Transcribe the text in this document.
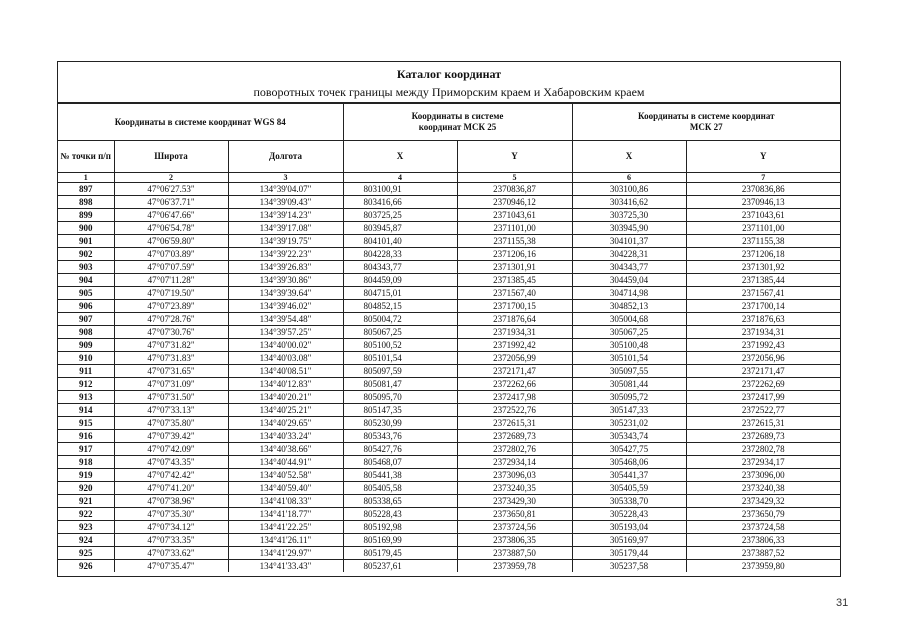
Каталог координат
поворотных точек границы между Приморским краем и Хабаровским краем
Координаты в системе координат WGS 84			Координаты в системе координат МСК 25		Координаты в системе координат МСК 27	
№ точки п/п	Широта	Долгота	X	Y	X	Y
1	2	3	4	5	6	7
897	47°06'27.53"	134°39'04.07"	803100,91	2370836,87	303100,86	2370836,86
898	47°06'37.71"	134°39'09.43"	803416,66	2370946,12	303416,62	2370946,13
899	47°06'47.66"	134°39'14.23"	803725,25	2371043,61	303725,30	2371043,61
900	47°06'54.78"	134°39'17.08"	803945,87	2371101,00	303945,90	2371101,00
901	47°06'59.80"	134°39'19.75"	804101,40	2371155,38	304101,37	2371155,38
902	47°07'03.89"	134°39'22.23"	804228,33	2371206,16	304228,31	2371206,18
903	47°07'07.59"	134°39'26.83"	804343,77	2371301,91	304343,77	2371301,92
904	47°07'11.28"	134°39'30.86"	804459,09	2371385,45	304459,04	2371385,44
905	47°07'19.50"	134°39'39.64"	804715,01	2371567,40	304714,98	2371567,41
906	47°07'23.89"	134°39'46.02"	804852,15	2371700,15	304852,13	2371700,14
907	47°07'28.76"	134°39'54.48"	805004,72	2371876,64	305004,68	2371876,63
908	47°07'30.76"	134°39'57.25"	805067,25	2371934,31	305067,25	2371934,31
909	47°07'31.82"	134°40'00.02"	805100,52	2371992,42	305100,48	2371992,43
910	47°07'31.83"	134°40'03.08"	805101,54	2372056,99	305101,54	2372056,96
911	47°07'31.65"	134°40'08.51"	805097,59	2372171,47	305097,55	2372171,47
912	47°07'31.09"	134°40'12.83"	805081,47	2372262,66	305081,44	2372262,69
913	47°07'31.50"	134°40'20.21"	805095,70	2372417,98	305095,72	2372417,99
914	47°07'33.13"	134°40'25.21"	805147,35	2372522,76	305147,33	2372522,77
915	47°07'35.80"	134°40'29.65"	805230,99	2372615,31	305231,02	2372615,31
916	47°07'39.42"	134°40'33.24"	805343,76	2372689,73	305343,74	2372689,73
917	47°07'42.09"	134°40'38.66"	805427,76	2372802,76	305427,75	2372802,78
918	47°07'43.35"	134°40'44.91"	805468,07	2372934,14	305468,06	2372934,17
919	47°07'42.42"	134°40'52.58"	805441,38	2373096,03	305441,37	2373096,00
920	47°07'41.20"	134°40'59.40"	805405,58	2373240,35	305405,59	2373240,38
921	47°07'38.96"	134°41'08.33"	805338,65	2373429,30	305338,70	2373429,32
922	47°07'35.30"	134°41'18.77"	805228,43	2373650,81	305228,43	2373650,79
923	47°07'34.12"	134°41'22.25"	805192,98	2373724,56	305193,04	2373724,58
924	47°07'33.35"	134°41'26.11"	805169,99	2373806,35	305169,97	2373806,33
925	47°07'33.62"	134°41'29.97"	805179,45	2373887,50	305179,44	2373887,52
926	47°07'35.47"	134°41'33.43"	805237,61	2373959,78	305237,58	2373959,80
31
